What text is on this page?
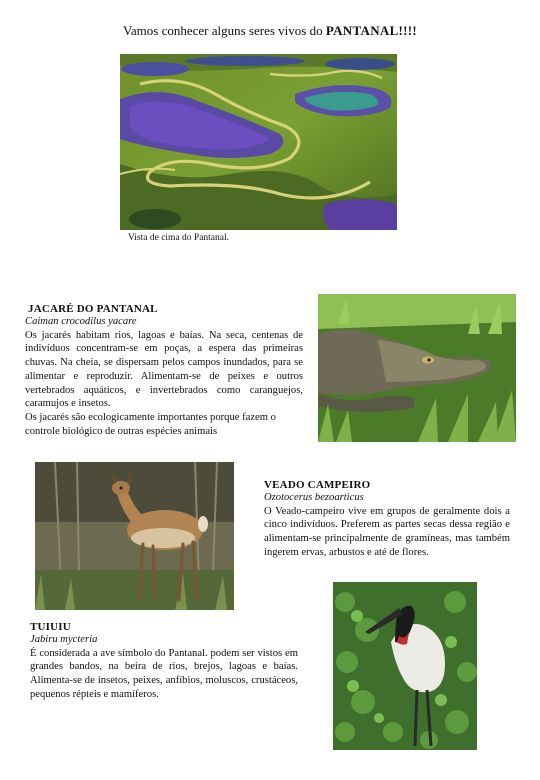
Vamos conhecer alguns seres vivos do PANTANAL!!!!
Vista de cima do Pantanal.
JACARÉ DO PANTANAL
Caiman crocodilus yacare
Os jacarés habitam rios, lagoas e baías. Na seca, centenas de indivíduos concentram-se em poças, a espera das primeiras chuvas. Na cheia, se dispersam pelos campos inundados, para se alimentar e reproduzir. Alimentam-se de peixes e outros vertebrados aquáticos, e invertebrados como caranguejos, caramujos e insetos.
Os jacarés são ecologicamente importantes porque fazem o controle biológico de outras espécies animais
VEADO CAMPEIRO
Ozotocerus bezoarticus
O Veado-campeiro vive em grupos de geralmente dois a cinco indivíduos. Preferem as partes secas dessa região e alimentam-se principalmente de gramíneas, mas também ingerem ervas, arbustos e até de flores.
TUIUIU
Jabiru mycteria
É considerada a ave símbolo do Pantanal. podem ser vistos em grandes bandos, na beira de rios, brejos, lagoas e baías. Alimenta-se de insetos, peixes, anfíbios, moluscos, crustáceos, pequenos répteis e mamíferos.
